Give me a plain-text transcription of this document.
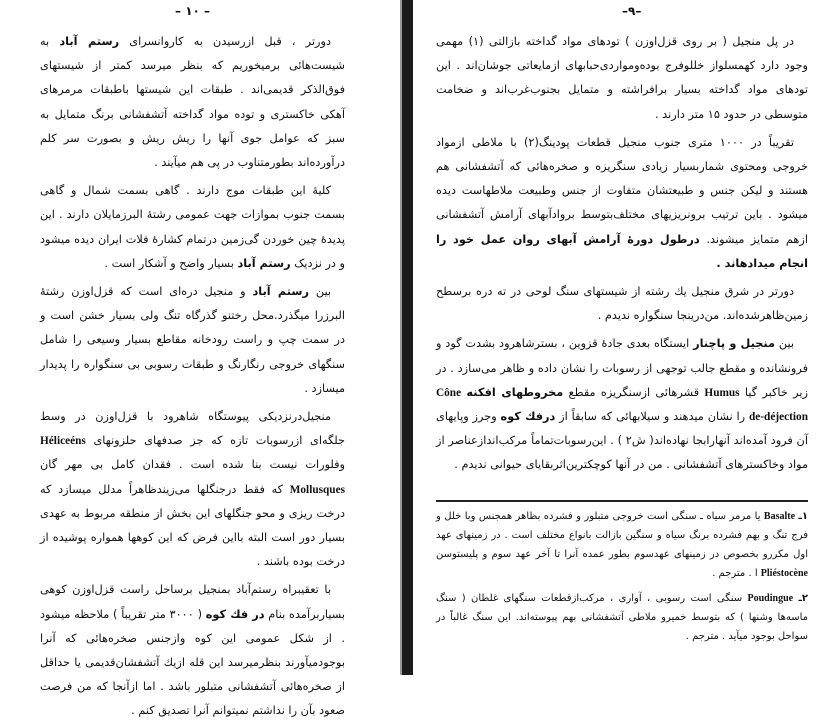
– ۱۰ –

دورتر ، قبل ازرسیدن به کاروانسرای رستم آباد به شیست‌هائی برمیخوریم که بنظر میرسد کمتر از شیستهای فوق‌الذکر قدیمی‌اند . طبقات این شیستها باطبقات مرمرهای آهکی خاکستری و توده مواد گداخته آتشفشانی برنگ متمایل به سبز که عوامل جوی آنها را ریش ریش و بصورت سر کلم درآورده‌اند بطورمتناوب در پی هم میآیند .

کلیهٔ این طبقات موج دارند . گاهی بسمت شمال و گاهی بسمت جنوب بموازات جهت عمومی رشتهٔ البرزمایلان دارند . این پدیدهٔ چین خوردن گی‌زمین درتمام کشارهٔ فلات ایران دیده میشود و در نزدیک رستم آباد بسیار واضح و آشکار است .

بین رستم آباد و منجیل دره‌ای است که قزل‌اوزن رشتهٔ البرزرا میگذرد.محل رختنو گذرگاه تنگ ولی بسیار خشن است و در سمت چپ و راست رودخانه مقاطع بسیار وسیعی را شامل سنگهای خروجی رنگارنگ و طبقات رسوبی بی سنگواره را پدیدار میسازد .

منجیل‌درنزدیکی پیوستگاه شاهرود با قزل‌اوزن در وسط جلگه‌ای ازرسوبات تازه که جز صدفهای حلزونهای Héliceéns وفلورات نیست بنا شده است . فقدان کامل بی مهر گان Mollusques که فقط درجنگلها می‌زیندظاهراً مدلل میسازد که درخت ریزی و محو جنگلهای این بخش از منطقه مربوط به عهدی بسیار دور است البته بااین فرض که این کوهها همواره پوشیده از درخت بوده باشند .

با تعقیبراه رستم‌آباد بمنجیل برساحل راست قزل‌اوزن کوهی بسیاربرآمده بنام در فك كوه ( ۳۰۰۰ متر تقریباً ) ملاحظه میشود . از شکل عمومی این کوه وازجنس صخره‌هائی که آنرا بوجودمیآورند بنظرمیرسد این قله ازیك آتشفشان‌قدیمی یا حداقل از صخره‌هائی آتشفشانی متبلور باشد . اما ازآنجا که من فرصت صعود بآن را نداشتم نمیتوانم آنرا تصدیق کنم .

–۹–

در پل منجیل ( بر روی قزل‌اوزن ) تودهای مواد گداخته بازالتی (۱) مهمی وجود دارد کهمسلواز خللوفرج بوده‌ومواردی‌حبابهای ازمایعاتی جوشان‌اند . این تودهای مواد گداخته بسیار برافراشته و متمایل بجنوب‌غرب‌اند و ضخامت متوسطی در حدود ۱۵ متر دارند .

تقریباً در ۱۰۰۰ متری جنوب منجیل قطعات پودینگ(۲) با ملاطی ازمواد خروجی ومحتوی شماربسیار زیادی سنگریزه و صخره‌هائی که آتشفشانی هم هستند و لیکن جنس و طبیعتشان متفاوت از جنس وطبیعت ملاطهاست دیده میشود . باین ترتیب برونریزیهای مختلف‌بتوسط بروادآبهای آرامش آتشفشانی ازهم متمایز میشوند. درطول دورهٔ آرامش آبهای روان عمل خود را انجام میدادهاند .

دورتر در شرق منجیل یك رشته از شیستهای سنگ لوحی در ته دره برسطح زمین‌ظاهرشده‌اند. من‌درینجا سنگواره ندیدم .

بین منجیل و پاچنار ایستگاه بعدی جادهٔ قزوین ، بسترشاهرود بشدت گود و فرونشانده و مقطع جالب توجهی از رسوبات را نشان داده و ظاهر می‌سازد . در زیر خاکبر گیا Humus قشرهائی ازسنگریزه مقطع مخروطهای افکنه Cône de-déjection را نشان میدهند و سیلابهائی که سابقاً از درفك كوه وجرز وپایهای آن فرود آمده‌اند آنهارابجا نهاده‌اند( ش۲ ) . این‌رسوبات‌تماماً مرکب‌اندازعناصر از مواد وخاکسترهای آتشفشانی . من در آنها کوچکترین‌اثربقایای حیوانی ندیدم .

۱ـ Basalte یا مرمر سیاه ـ سنگی است خروجی متبلور و فشرده بظاهر همجنس وبا خلل و فرج تنگ و بهم فشرده برنگ سیاه و سنگین بازالت بانواع مختلف است . در زمینهای عهد اول مکررو بخصوص در زمینهای عهدسوم بطور عمده آنرا تا آخر عهد سوم و پلیستوسن Pliéstocène ا . مترجم .

۲ـ Poudingue سنگی است رسوبی ، آواری ، مرکب‌ازقطعات سنگهای غلطان ( سنگ ماسه‌ها وشنها ) که بتوسط خمیرو ملاطی آتشفشانی بهم پیوسته‌اند. این سنگ غالباً در سواحل بوجود میآید . مترجم .
